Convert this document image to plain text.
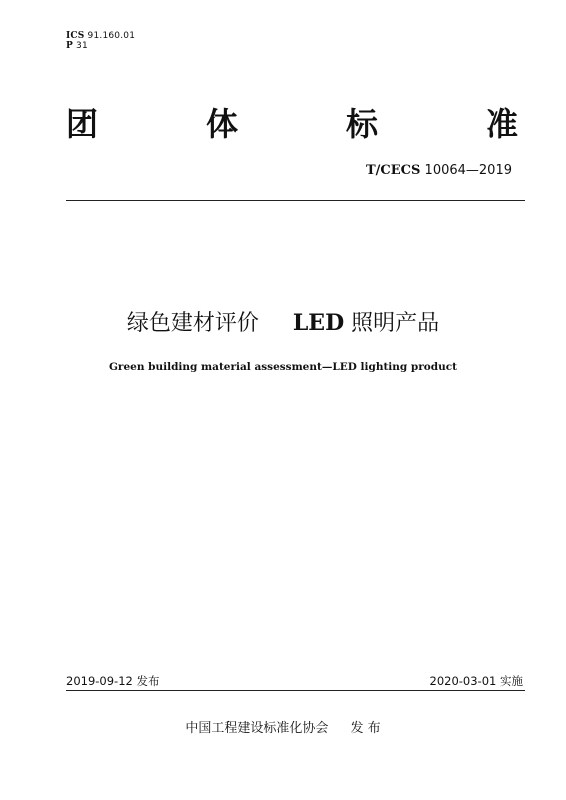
ICS 91.160.01
P 31
团	体	标	准
T/CECS 10064—2019
绿色建材评价 LED 照明产品
Green building material assessment—LED lighting product
2019-09-12 发布	2020-03-01 实施
中国工程建设标准化协会 发 布
